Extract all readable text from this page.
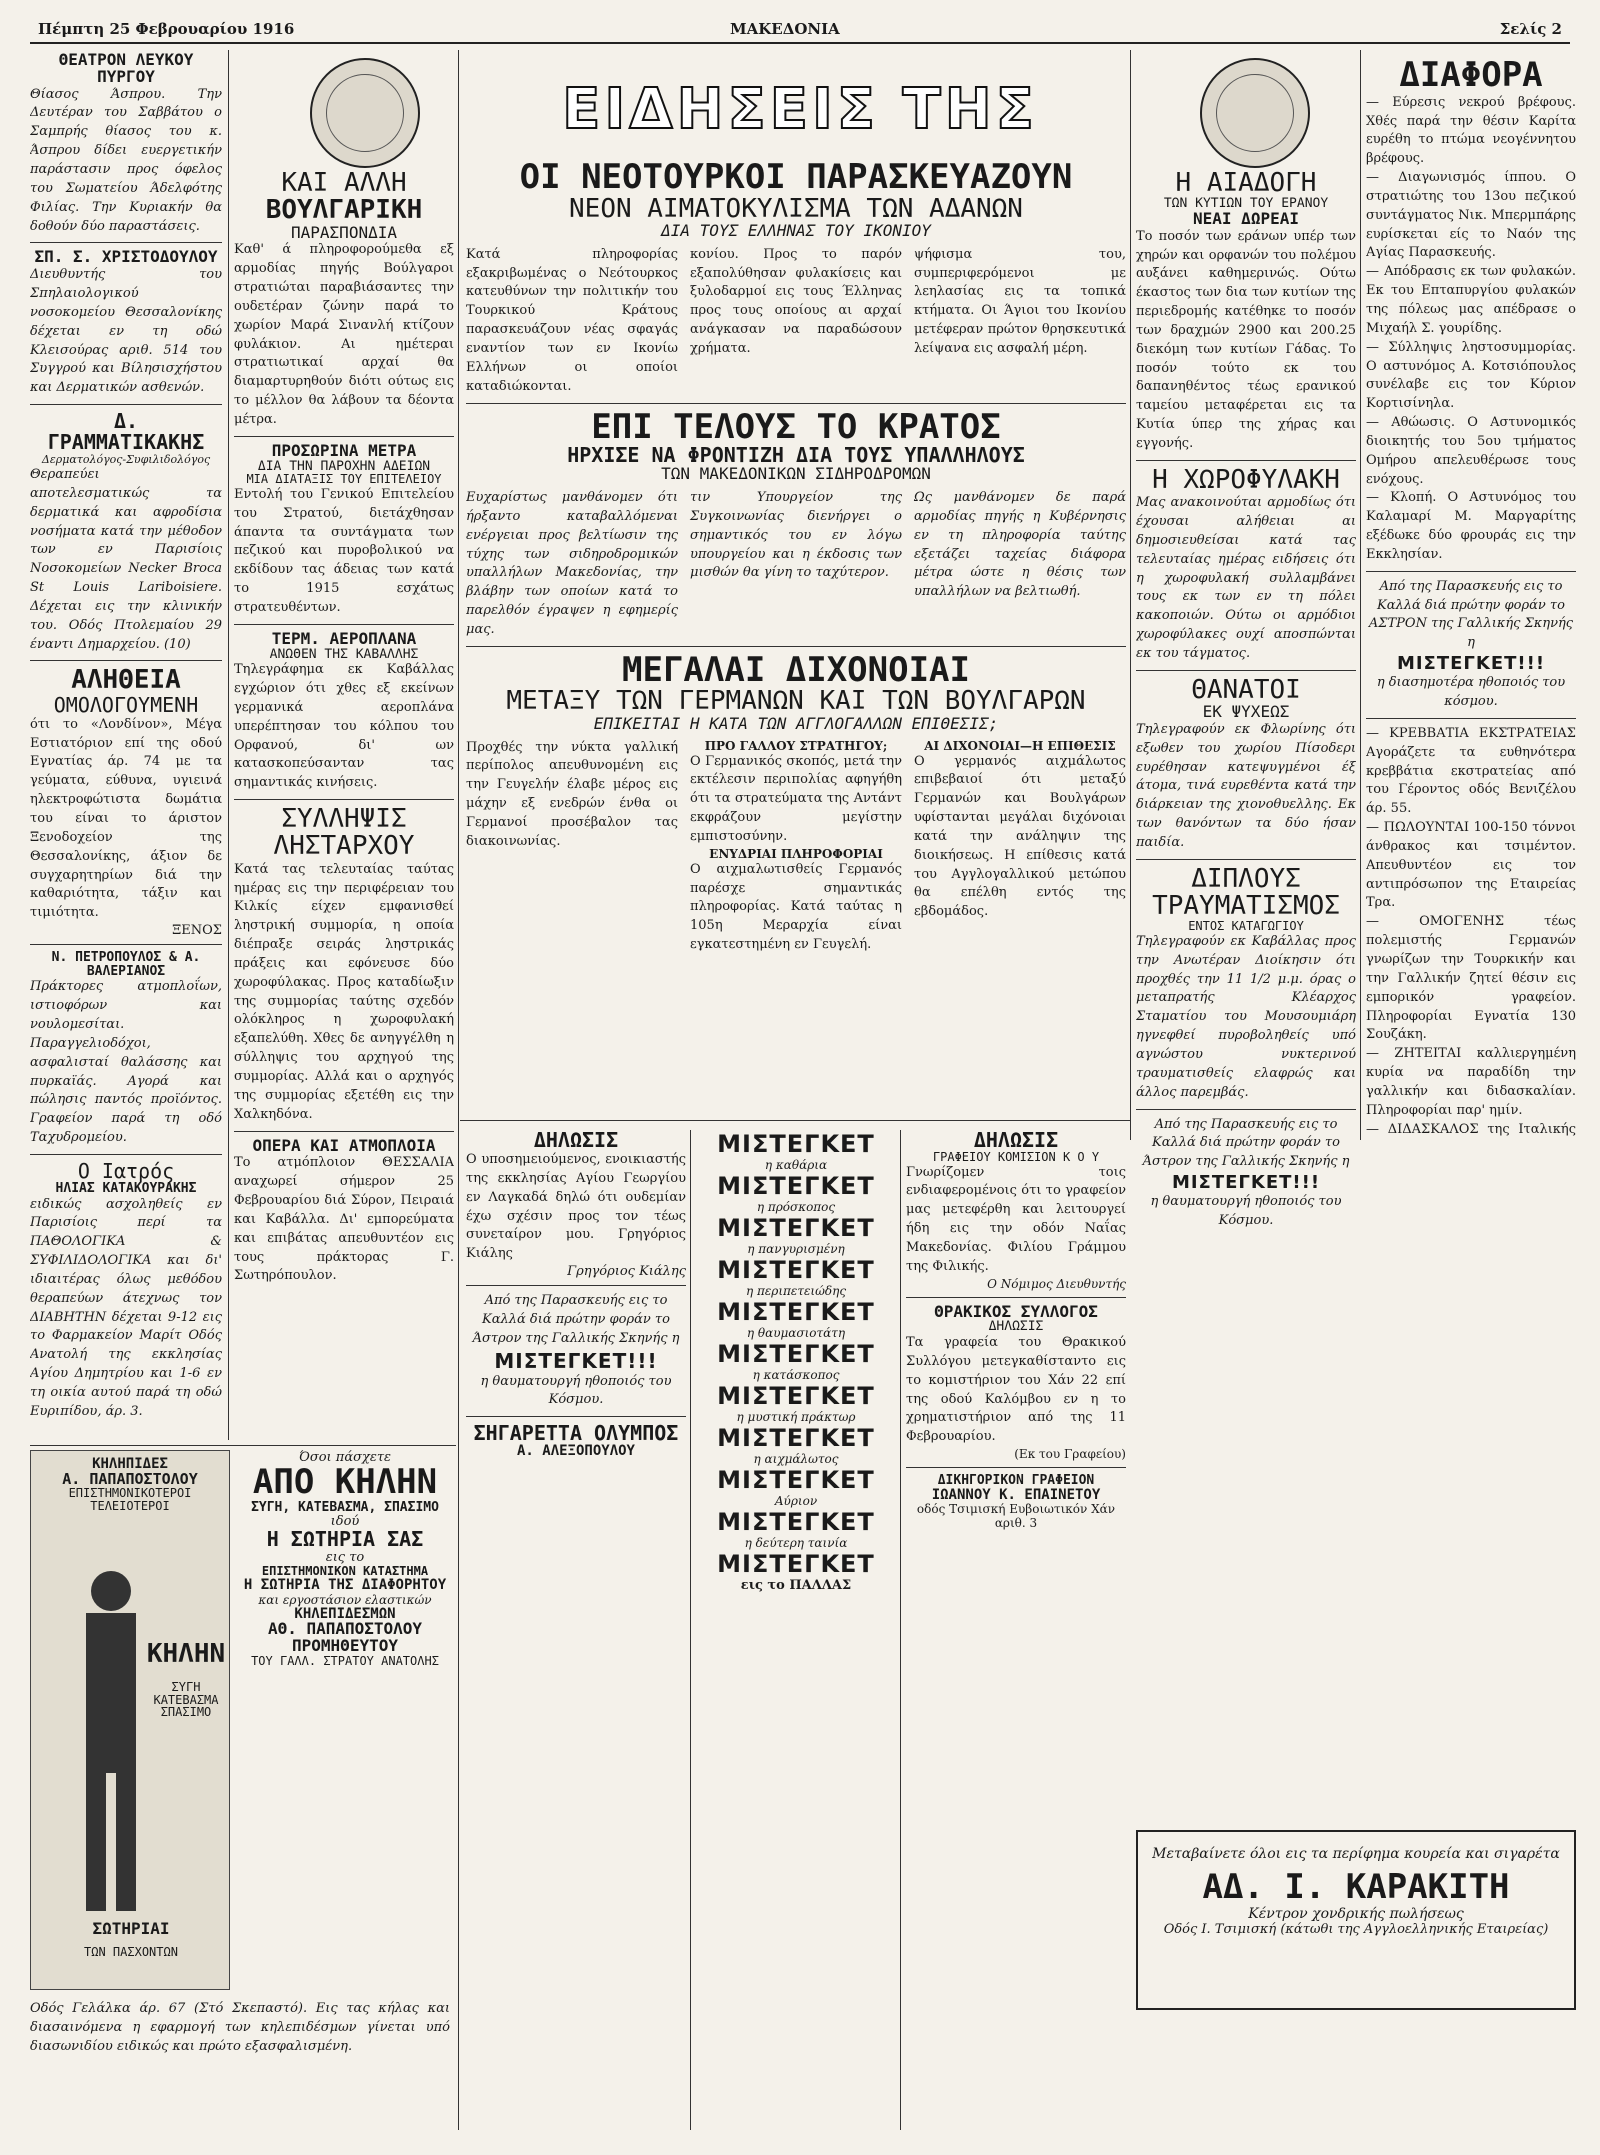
Πέμπτη 25 Φεβρουαρίου 1916	ΜΑΚΕΔΟΝΙΑ	Σελίς 2
ΕΙΔΗΣΕΙΣ ΤΗΣ
ΘΕΑΤΡΟΝ ΛΕΥΚΟΥ ΠΥΡΓΟΥ
Θίασος Άσπρου. Την Δευτέραν του Σαββάτου ο Σαμπρής θίασος του κ. Άσπρου δίδει ευεργετικήν παράστασιν προς όφελος του Σωματείου Άδελφότης Φιλίας. Την Κυριακήν θα δοθούν δύο παραστάσεις.
ΣΠ. Σ. ΧΡΙΣΤΟΔΟΥΛΟΥ
Διευθυντής του Σπηλαιολογικού νοσοκομείου Θεσσαλονίκης δέχεται εν τη οδώ Κλεισούρας αριθ. 514 του Συγγρού και Βίλησισχήστου και Δερματικών ασθενών.
Δ. ΓΡΑΜΜΑΤΙΚΑΚΗΣ
Δερματολόγος-Συφιλιδολόγος
Θεραπεύει αποτελεσματικώς τα δερματικά και αφροδίσια νοσήματα κατά την μέθοδον των εν Παρισίοις Νοσοκομείων Necker Broca St Louis Lariboisiere. Δέχεται εις την κλινικήν του. Οδός Πτολεμαίου 29 έναντι Δημαρχείου. (10)
ΑΛΗΘΕΙΑ
ΟΜΟΛΟΓΟΥΜΕΝΗ
ότι το «Λονδίνον», Μέγα Εστιατόριον επί της οδού Εγνατίας άρ. 74 με τα γεύματα, εύθυνα, υγιεινά ηλεκτροφώτιστα δωμάτια του είναι το άριστον Ξενοδοχείον της Θεσσαλονίκης, άξιον δε συγχαρητηρίων διά την καθαριότητα, τάξιν και τιμιότητα.
ΞΕΝΟΣ
Ν. ΠΕΤΡΟΠΟΥΛΟΣ & Α. ΒΑΛΕΡΙΑΝΟΣ
Πράκτορες ατμοπλοΐων, ιστιοφόρων και νουλομεσίται. Παραγγελιοδόχοι, ασφαλισταί θαλάσσης και πυρκαϊάς. Αγορά και πώλησις παντός προϊόντος. Γραφείον παρά τη οδό Ταχυδρομείου.
Ο Ιατρός
ΗΛΙΑΣ ΚΑΤΑΚΟΥΡΑΚΗΣ
ειδικώς ασχοληθείς εν Παρισίοις περί τα ΠΑΘΟΛΟΓΙΚΑ & ΣΥΦΙΛΙΔΟΛΟΓΙΚΑ και δι' ιδιαιτέρας όλως μεθόδου θεραπεύων άτεχνως τον ΔΙΑΒΗΤΗΝ δέχεται 9-12 εις το Φαρμακείον Μαρίτ Οδός Ανατολή της εκκλησίας Αγίου Δημητρίου και 1-6 εν τη οικία αυτού παρά τη οδώ Ευριπίδου, άρ. 3.
ΚΑΙ ΑΛΛΗ
ΒΟΥΛΓΑΡΙΚΗ
ΠΑΡΑΣΠΟΝΔΙΑ
Καθ' ά πληροφορούμεθα εξ αρμοδίας πηγής Βούλγαροι στρατιώται παραβιάσαντες την ουδετέραν ζώνην παρά το χωρίον Μαρά Σινανλή κτίζουν φυλάκιον. Αι ημέτεραι στρατιωτικαί αρχαί θα διαμαρτυρηθούν διότι ούτως εις το μέλλον θα λάβουν τα δέοντα μέτρα.
ΠΡΟΣΩΡΙΝΑ ΜΕΤΡΑ
ΔΙΑ ΤΗΝ ΠΑΡΟΧΗΝ ΑΔΕΙΩΝ
ΜΙΑ ΔΙΑΤΑΞΙΣ ΤΟΥ ΕΠΙΤΕΛΕΙΟΥ
Εντολή του Γενικού Επιτελείου του Στρατού, διετάχθησαν άπαντα τα συντάγματα των πεζικού και πυροβολικού να εκδίδουν τας άδειας των κατά το 1915 εσχάτως στρατευθέντων.
ΤΕΡΜ. ΑΕΡΟΠΛΑΝΑ
ΑΝΩΘΕΝ ΤΗΣ ΚΑΒΑΛΛΗΣ
Τηλεγράφημα εκ Καβάλλας εγχώριον ότι χθες εξ εκείνων γερμανικά αεροπλάνα υπερέπτησαν του κόλπου του Ορφανού, δι' ων κατασκοπεύσανταν τας σημαντικάς κινήσεις.
ΣΥΛΛΗΨΙΣ
ΛΗΣΤΑΡΧΟΥ
Κατά τας τελευταίας ταύτας ημέρας εις την περιφέρειαν του Κιλκίς είχεν εμφανισθεί ληστρική συμμορία, η οποία διέπραξε σειράς ληστρικάς πράξεις και εφόνευσε δύο χωροφύλακας. Προς καταδίωξιν της συμμορίας ταύτης σχεδόν ολόκληρος η χωροφυλακή εξαπελύθη. Χθες δε ανηγγέλθη η σύλληψις του αρχηγού της συμμορίας. Αλλά και ο αρχηγός της συμμορίας εξετέθη εις την Χαλκηδόνα.
ΟΠΕΡΑ ΚΑΙ ΑΤΜΟΠΛΟΙΑ
Το ατμόπλοιον ΘΕΣΣΑΛΙΑ αναχωρεί σήμερον 25 Φεβρουαρίου διά Σύρον, Πειραιά και Καβάλλα. Δι' εμπορεύματα και επιβάτας απευθυντέον εις τους πράκτορας Γ. Σωτηρόπουλον.
ΟΙ ΝΕΟΤΟΥΡΚΟΙ ΠΑΡΑΣΚΕΥΑΖΟΥΝ
ΝΕΟΝ ΑΙΜΑΤΟΚΥΛΙΣΜΑ ΤΩΝ ΑΔΑΝΩΝ
ΔΙΑ ΤΟΥΣ ΕΛΛΗΝΑΣ ΤΟΥ ΙΚΟΝΙΟΥ
Κατά πληροφορίας εξακριβωμένας ο Νεότουρκος κατευθύνων την πολιτικήν του Τουρκικού Κράτους παρασκευάζουν νέας σφαγάς εναντίον των εν Ικονίω Ελλήνων οι οποίοι καταδιώκονται.
κονίου. Προς το παρόν εξαπολύθησαν φυλακίσεις και ξυλοδαρμοί εις τους Έλληνας προς τους οποίους αι αρχαί ανάγκασαν να παραδώσουν χρήματα.
ψήφισμα του, συμπεριφερόμενοι με λεηλασίας εις τα τοπικά κτήματα. Οι Άγιοι του Ικονίου μετέφεραν πρώτον θρησκευτικά λείψανα εις ασφαλή μέρη.
ΕΠΙ ΤΕΛΟΥΣ ΤΟ ΚΡΑΤΟΣ
ΗΡΧΙΣΕ ΝΑ ΦΡΟΝΤΙΖΗ ΔΙΑ ΤΟΥΣ ΥΠΑΛΛΗΛΟΥΣ
ΤΩΝ ΜΑΚΕΔΟΝΙΚΩΝ ΣΙΔΗΡΟΔΡΟΜΩΝ
Ευχαρίστως μανθάνομεν ότι ήρξαντο καταβαλλόμεναι ενέργειαι προς βελτίωσιν της τύχης των σιδηροδρομικών υπαλλήλων Μακεδονίας, την βλάβην των οποίων κατά το παρελθόν έγραψεν η εφημερίς μας.
τιν Υπουργείον της Συγκοινωνίας διενήργει ο σημαντικός του εν λόγω υπουργείου και η έκδοσις των μισθών θα γίνη το ταχύτερον.
Ως μανθάνομεν δε παρά αρμοδίας πηγής η Κυβέρνησις εν τη πληροφορία ταύτης εξετάζει ταχείας διάφορα μέτρα ώστε η θέσις των υπαλλήλων να βελτιωθή.
ΜΕΓΑΛΑΙ ΔΙΧΟΝΟΙΑΙ
ΜΕΤΑΞΥ ΤΩΝ ΓΕΡΜΑΝΩΝ ΚΑΙ ΤΩΝ ΒΟΥΛΓΑΡΩΝ
ΕΠΙΚΕΙΤΑΙ Η ΚΑΤΑ ΤΩΝ ΑΓΓΛΟΓΑΛΛΩΝ ΕΠΙΘΕΣΙΣ;
Προχθές την νύκτα γαλλική περίπολος απευθυνομένη εις την Γευγελήν έλαβε μέρος εις μάχην εξ ενεδρών ένθα οι Γερμανοί προσέβαλον τας διακοινωνίας.
ΠΡΟ ΓΑΛΛΟΥ ΣΤΡΑΤΗΓΟΥ;
Ο Γερμανικός σκοπός, μετά την εκτέλεσιν περιπολίας αφηγήθη ότι τα στρατεύματα της Αντάντ εκφράζουν μεγίστην εμπιστοσύνην.
ΕΝΥΔΡΙΑΙ ΠΛΗΡΟΦΟΡΙΑΙ
Ο αιχμαλωτισθείς Γερμανός παρέσχε σημαντικάς πληροφορίας. Κατά ταύτας η 105η Μεραρχία είναι εγκατεστημένη εν Γευγελή.
ΑΙ ΔΙΧΟΝΟΙΑΙ—Η ΕΠΙΘΕΣΙΣ
Ο γερμανός αιχμάλωτος επιβεβαιοί ότι μεταξύ Γερμανών και Βουλγάρων υφίστανται μεγάλαι διχόνοιαι κατά την ανάληψιν της διοικήσεως. Η επίθεσις κατά του Αγγλογαλλικού μετώπου θα επέλθη εντός της εβδομάδος.
ΔΗΛΩΣΙΣ
Ο υποσημειούμενος, ενοικιαστής της εκκλησίας Αγίου Γεωργίου εν Λαγκαδά δηλώ ότι ουδεμίαν έχω σχέσιν προς τον τέως συνεταίρον μου. Γρηγόριος Κιάλης
Γρηγόριος Κιάλης
Από της Παρασκευής εις το Καλλά διά πρώτην φοράν το Άστρον της Γαλλικής Σκηνής η
ΜΙΣΤΕΓΚΕΤ!!!
η θαυματουργή ηθοποιός του Κόσμου.
ΣΗΓΑΡΕΤΤΑ ΟΛΥΜΠΟΣ
Α. ΑΛΕΞΟΠΟΥΛΟΥ
ΜΙΣΤΕΓΚΕΤ
η καθάρια
ΜΙΣΤΕΓΚΕΤ
η πρόσκοπος
ΜΙΣΤΕΓΚΕΤ
η πανγυρισμένη
ΜΙΣΤΕΓΚΕΤ
η περιπετειώδης
ΜΙΣΤΕΓΚΕΤ
η θαυμασιοτάτη
ΜΙΣΤΕΓΚΕΤ
η κατάσκοπος
ΜΙΣΤΕΓΚΕΤ
η μυστική πράκτωρ
ΜΙΣΤΕΓΚΕΤ
η αιχμάλωτος
ΜΙΣΤΕΓΚΕΤ
Αύριον
ΜΙΣΤΕΓΚΕΤ
η δεύτερη ταινία
ΜΙΣΤΕΓΚΕΤ
εις το ΠΑΛΛΑΣ
ΔΗΛΩΣΙΣ
ΓΡΑΦΕΙΟΥ ΚΟΜΙΣΙΟΝ Κ Ο Υ
Γνωρίζομεν τοις ενδιαφερομένοις ότι το γραφείον μας μετεφέρθη και λειτουργεί ήδη εις την οδόν Ναΐας Μακεδονίας. Φιλίου Γράμμου της Φιλικής.
Ο Νόμιμος Διευθυντής
ΘΡΑΚΙΚΟΣ ΣΥΛΛΟΓΟΣ
ΔΗΛΩΣΙΣ
Τα γραφεία του Θρακικού Συλλόγου μετεγκαθίσταντο εις το κομιστήριον του Χάν 22 επί της οδού Καλόμβου εν η το χρηματιστήριον από της 11 Φεβρουαρίου.
(Εκ του Γραφείου)
ΔΙΚΗΓΟΡΙΚΟΝ ΓΡΑΦΕΙΟΝ
ΙΩΑΝΝΟΥ Κ. ΕΠΑΙΝΕΤΟΥ
οδός Τσιμισκή Ευβοιωτικόν Χάν
αριθ. 3
Η ΑΙΑΔΟΓΗ
ΤΩΝ ΚΥΤΙΩΝ ΤΟΥ ΕΡΑΝΟΥ
ΝΕΑΙ ΔΩΡΕΑΙ
Το ποσόν των εράνων υπέρ των χηρών και ορφανών του πολέμου αυξάνει καθημερινώς. Ούτω έκαστος των δια των κυτίων της περιεδρομής κατέθηκε το ποσόν των δραχμών 2900 και 200.25 διεκόμη των κυτίων Γάδας. Το ποσόν τούτο εκ του δαπανηθέντος τέως ερανικού ταμείου μεταφέρεται εις τα Κυτία ύπερ της χήρας και εγγονής.
Η ΧΩΡΟΦΥΛΑΚΗ
Μας ανακοινούται αρμοδίως ότι έχουσαι αλήθειαι αι δημοσιευθείσαι κατά τας τελευταίας ημέρας ειδήσεις ότι η χωροφυλακή συλλαμβάνει τους εκ των εν τη πόλει κακοποιών. Ούτω οι αρμόδιοι χωροφύλακες ουχί αποσπώνται εκ του τάγματος.
ΘΑΝΑΤΟΙ
ΕΚ ΨΥΧΕΩΣ
Τηλεγραφούν εκ Φλωρίνης ότι εξωθεν του χωρίου Πίσοδερι ευρέθησαν κατεψυγμένοι έξ άτομα, τινά ευρεθέντα κατά την διάρκειαν της χιονοθυελλης. Εκ των θανόντων τα δύο ήσαν παιδία.
ΔΙΠΛΟΥΣ
ΤΡΑΥΜΑΤΙΣΜΟΣ
ΕΝΤΟΣ ΚΑΤΑΓΩΓΙΟΥ
Τηλεγραφούν εκ Καβάλλας προς την Ανωτέραν Διοίκησιν ότι προχθές την 11 1/2 μ.μ. όρας ο μεταπρατής Κλέαρχος Σταματίου του Μουσουμιάρη ηγνεφθεί πυροβοληθείς υπό αγνώστου νυκτερινού τραυματισθείς ελαφρώς και άλλος παρεμβάς.
Από της Παρασκευής εις το Καλλά διά πρώτην φοράν το Άστρον της Γαλλικής Σκηνής η
ΜΙΣΤΕΓΚΕΤ!!!
η θαυματουργή ηθοποιός του Κόσμου.
ΔΙΑΦΟΡΑ
— Εύρεσις νεκρού βρέφους. Χθές παρά την θέσιν Καρίτα ευρέθη το πτώμα νεογέννητου βρέφους.
— Διαγωνισμός ίππου. Ο στρατιώτης του 13ου πεζικού συντάγματος Νικ. Μπερμπάρης ευρίσκεται είς το Ναόν της Αγίας Παρασκευής.
— Απόδρασις εκ των φυλακών. Εκ του Επταπυργίου φυλακών της πόλεως μας απέδρασε ο Μιχαήλ Σ. γουρίδης.
— Σύλληψις ληστοσυμμορίας. Ο αστυνόμος Α. Κοτσιόπουλος συνέλαβε εις τον Κύριον Κορτισίνηλα.
— Αθώωσις. Ο Αστυνομικός διοικητής του 5ου τμήματος Ομήρου απελευθέρωσε τους ενόχους.
— Κλοπή. Ο Αστυνόμος του Καλαμαρί Μ. Μαργαρίτης εξέδωκε δύο φρουράς εις την Εκκλησίαν.
Από της Παρασκευής εις το Καλλά διά πρώτην φοράν το ΑΣΤΡΟΝ της Γαλλικής Σκηνής η
ΜΙΣΤΕΓΚΕΤ!!!
η διασημοτέρα ηθοποιός του κόσμου.
— ΚΡΕΒΒΑΤΙΑ ΕΚΣΤΡΑΤΕΙΑΣ Αγοράζετε τα ευθηνότερα κρεββάτια εκστρατείας από του Γέροντος οδός Βενιζέλου άρ. 55.
— ΠΩΛΟΥΝΤΑΙ 100-150 τόννοι άνθρακος και τσιμέντον. Απευθυντέον εις τον αντιπρόσωπον της Εταιρείας Τρα.
— ΟΜΟΓΕΝΗΣ τέως πολεμιστής Γερμανών γνωρίζων την Τουρκικήν και την Γαλλικήν ζητεί θέσιν εις εμπορικόν γραφείον. Πληροφορίαι Εγνατία 130 Σουζάκη.
— ΖΗΤΕΙΤΑΙ καλλιεργημένη κυρία να παραδίδη την γαλλικήν και διδασκαλίαν. Πληροφορίαι παρ' ημίν.
— ΔΙΔΑΣΚΑΛΟΣ της Ιταλικής
Μεταβαίνετε όλοι εις τα περίφημα κουρεία και σιγαρέτα
ΑΔ. Ι. ΚΑΡΑΚΙΤΗ
Κέντρον χονδρικής πωλήσεως
Οδός Ι. Τσιμισκή (κάτωθι της Αγγλοελληνικής Εταιρείας)
ΚΗΛΗΠΙΔΕΣ
Α. ΠΑΠΑΠΟΣΤΟΛΟΥ
ΕΠΙΣΤΗΜΟΝΙΚΟΤΕΡΟΙ ΤΕΛΕΙΟΤΕΡΟΙ
ΚΗΛΗΝ
ΣΥΓΗ ΚΑΤΕΒΑΣΜΑ ΣΠΑΣΙΜΟ
ΣΩΤΗΡΙΑΙ
ΤΩΝ ΠΑΣΧΟΝΤΩΝ
Οδός Γελάλκα άρ. 67 (Στό Σκεπαστό). Εις τας κήλας και διασαινόμενα η εφαρμογή των κηλεπιδέσμων γίνεται υπό διασωνιδίου ειδικώς και πρώτο εξασφαλισμένη.
Όσοι πάσχετε
ΑΠΟ ΚΗΛΗΝ
ΣΥΓΗ, ΚΑΤΕΒΑΣΜΑ, ΣΠΑΣΙΜΟ
ιδού
Η ΣΩΤΗΡΙΑ ΣΑΣ
εις το
ΕΠΙΣΤΗΜΟΝΙΚΟΝ ΚΑΤΑΣΤΗΜΑ
Η ΣΩΤΗΡΙΑ ΤΗΣ ΔΙΑΦΟΡΗΤΟΥ
και εργοστάσιον ελαστικών
ΚΗΛΕΠΙΔΕΣΜΩΝ
ΑΘ. ΠΑΠΑΠΟΣΤΟΛΟΥ
ΠΡΟΜΗΘΕΥΤΟΥ
ΤΟΥ ΓΑΛΛ. ΣΤΡΑΤΟΥ ΑΝΑΤΟΛΗΣ
